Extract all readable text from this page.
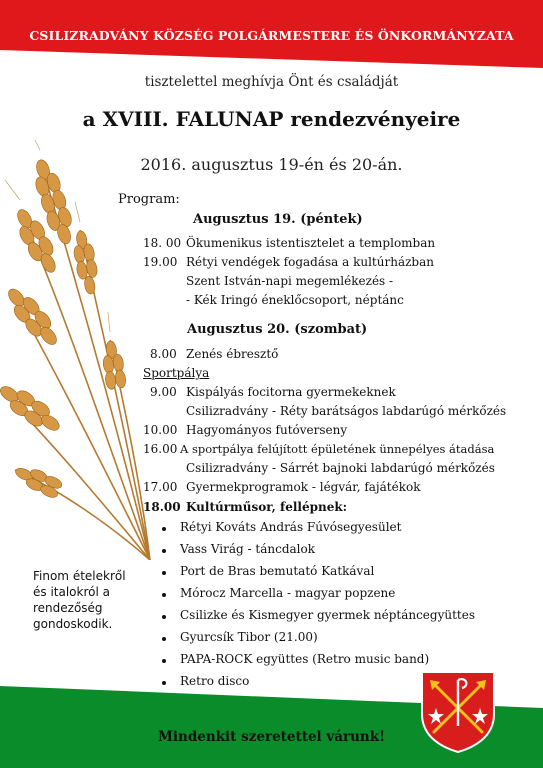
CSILIZRADVÁNY KÖZSÉG POLGÁRMESTERE ÉS ÖNKORMÁNYZATA
tisztelettel meghívja Önt és családját
a XVIII. FALUNAP rendezvényeire
2016. augusztus 19-én és 20-án.
Program:
Augusztus 19. (péntek)
18. 00 Ökumenikus istentisztelet a templomban
19.00 Rétyi vendégek fogadása a kultúrházban
Szent István-napi megemlékezés -
- Kék Iringó éneklőcsoport, néptánc
Augusztus 20. (szombat)
8.00 Zenés ébresztő
Sportpálya
9.00 Kispályás focitorna gyermekeknek
Csilizradvány - Réty barátságos labdarúgó mérkőzés
10.00 Hagyományos futóverseny
16.00 A sportpálya felújított épületének ünnepélyes átadása
Csilizradvány - Sárrét bajnoki labdarúgó mérkőzés
17.00 Gyermekprogramok - légvár, fajátékok
18.00 Kultúrműsor, fellépnek:
Rétyi Kováts András Fúvósegyesület
Vass Virág - táncdalok
Port de Bras bemutató Katkával
Mórocz Marcella - magyar popzene
Csilizke és Kismegyer gyermek néptáncegyüttes
Gyurcsík Tibor (21.00)
PAPA-ROCK együttes (Retro music band)
Retro disco
Finom ételekről
és italokról a
rendezőség
gondoskodik.
Mindenkit szeretettel várunk!
